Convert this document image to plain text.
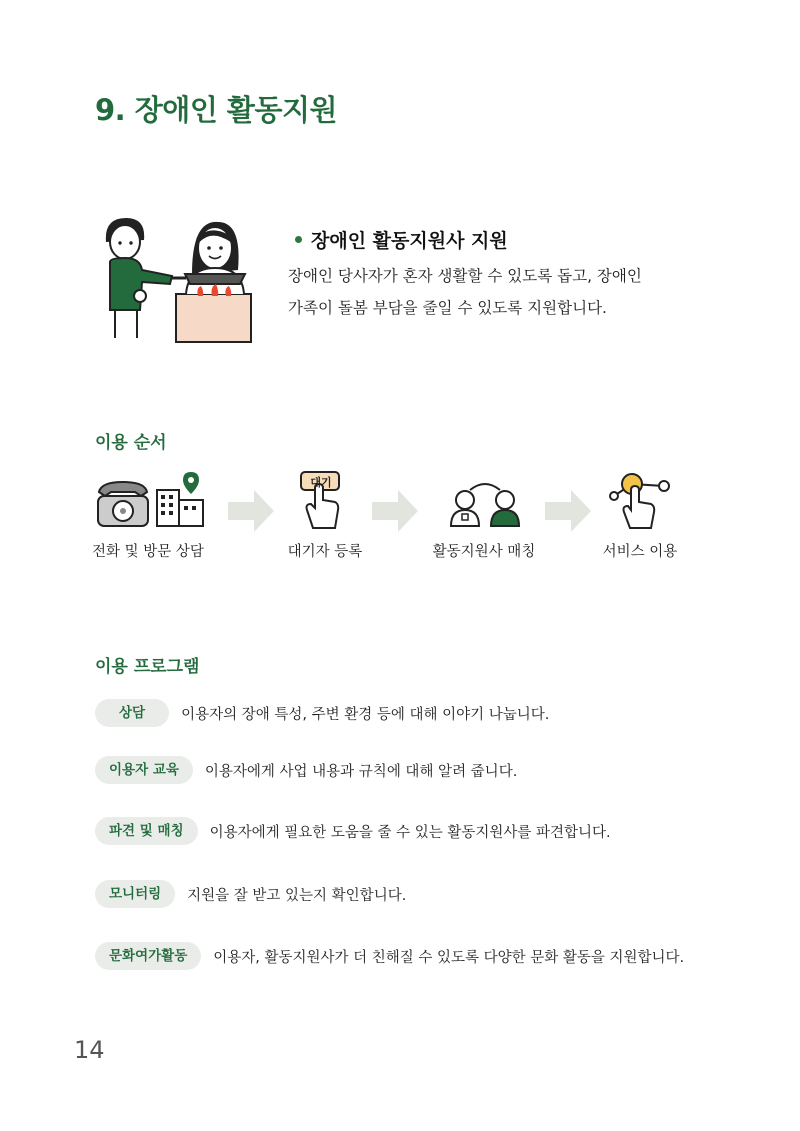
9. 장애인 활동지원
장애인 활동지원사 지원
장애인 당사자가 혼자 생활할 수 있도록 돕고, 장애인
가족이 돌봄 부담을 줄일 수 있도록 지원합니다.
이용 순서
전화 및 방문 상담
대기
대기자 등록	활동지원사 매칭	서비스 이용
이용 프로그램
상담	이용자의 장애 특성, 주변 환경 등에 대해 이야기 나눕니다.
이용자 교육	이용자에게 사업 내용과 규칙에 대해 알려 줍니다.
파견 및 매칭	이용자에게 필요한 도움을 줄 수 있는 활동지원사를 파견합니다.
모니터링	지원을 잘 받고 있는지 확인합니다.
문화여가활동	이용자, 활동지원사가 더 친해질 수 있도록 다양한 문화 활동을 지원합니다.
14
